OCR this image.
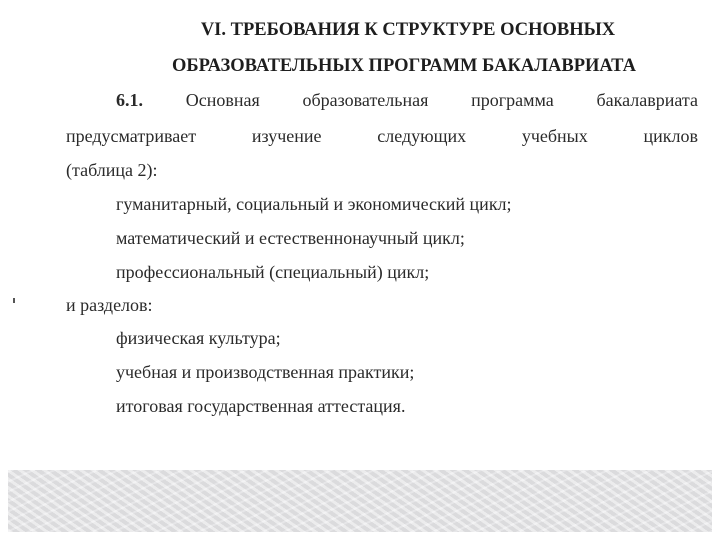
VI. ТРЕБОВАНИЯ К СТРУКТУРЕ ОСНОВНЫХ
ОБРАЗОВАТЕЛЬНЫХ ПРОГРАММ БАКАЛАВРИАТА
6.1. Основная образовательная программа бакалавриата
предусматривает	изучение	следующих	учебных	циклов
(таблица 2):
гуманитарный, социальный и экономический цикл;
математический и естественнонаучный цикл;
профессиональный (специальный) цикл;
и разделов:
физическая культура;
учебная и производственная практики;
итоговая государственная аттестация.
